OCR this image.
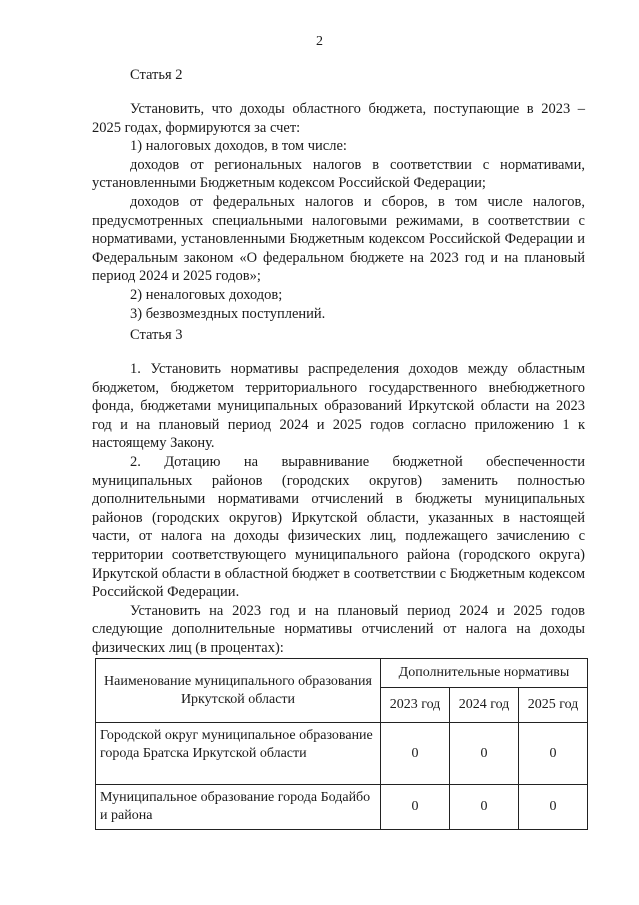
2
Статья 2

Установить, что доходы областного бюджета, поступающие в 2023 – 2025 годах, формируются за счет:

1) налоговых доходов, в том числе:

доходов от региональных налогов в соответствии с нормативами, установленными Бюджетным кодексом Российской Федерации;

доходов от федеральных налогов и сборов, в том числе налогов, предусмотренных специальными налоговыми режимами, в соответствии с нормативами, установленными Бюджетным кодексом Российской Федерации и Федеральным законом «О федеральном бюджете на 2023 год и на плановый период 2024 и 2025 годов»;

2) неналоговых доходов;

3) безвозмездных поступлений.

Статья 3

1. Установить нормативы распределения доходов между областным бюджетом, бюджетом территориального государственного внебюджетного фонда, бюджетами муниципальных образований Иркутской области на 2023 год и на плановый период 2024 и 2025 годов согласно приложению 1 к настоящему Закону.

2. Дотацию на выравнивание бюджетной обеспеченности муниципальных районов (городских округов) заменить полностью дополнительными нормативами отчислений в бюджеты муниципальных районов (городских округов) Иркутской области, указанных в настоящей части, от налога на доходы физических лиц, подлежащего зачислению с территории соответствующего муниципального района (городского округа) Иркутской области в областной бюджет в соответствии с Бюджетным кодексом Российской Федерации.

Установить на 2023 год и на плановый период 2024 и 2025 годов следующие дополнительные нормативы отчислений от налога на доходы физических лиц (в процентах):

Наименование муниципального образования Иркутской области	Дополнительные нормативы		
	2023 год	2024 год	2025 год
Городской округ муниципальное образование города Братска Иркутской области	0	0	0
Муниципальное образование города Бодайбо и района	0	0	0
